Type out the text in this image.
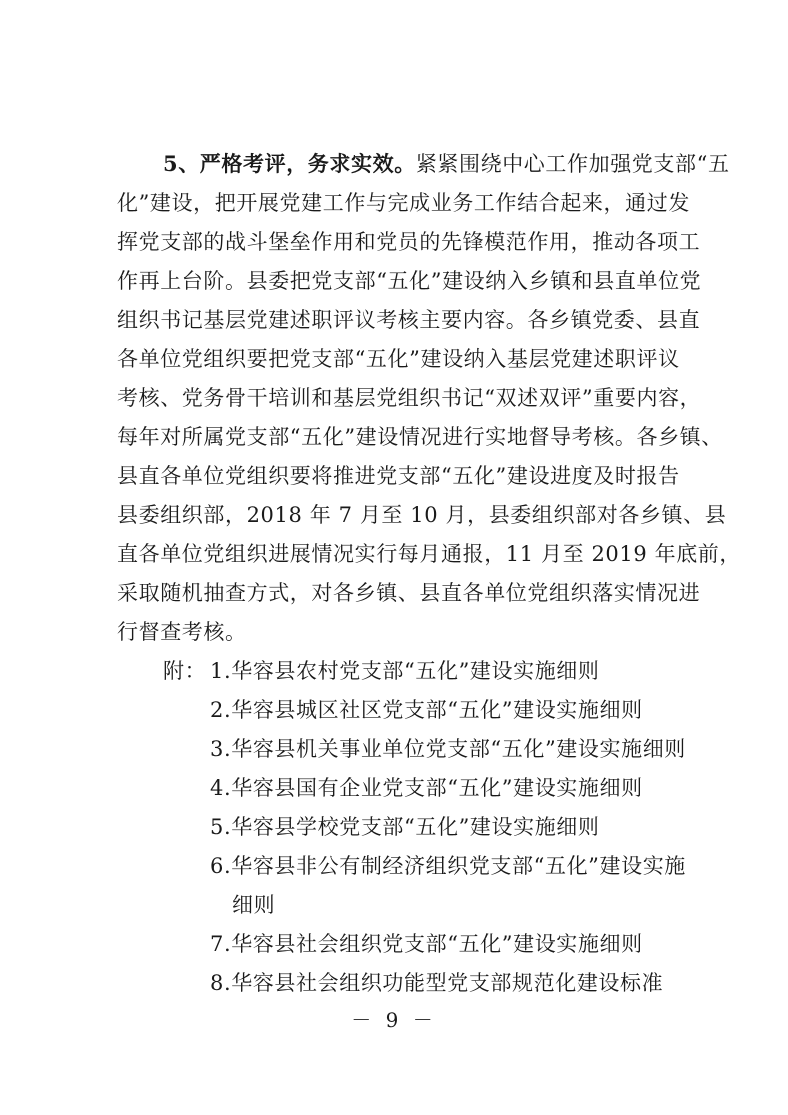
5、严格考评，务求实效。紧紧围绕中心工作加强党支部“五
化”建设，把开展党建工作与完成业务工作结合起来，通过发
挥党支部的战斗堡垒作用和党员的先锋模范作用，推动各项工
作再上台阶。县委把党支部“五化”建设纳入乡镇和县直单位党
组织书记基层党建述职评议考核主要内容。各乡镇党委、县直
各单位党组织要把党支部“五化”建设纳入基层党建述职评议
考核、党务骨干培训和基层党组织书记“双述双评”重要内容，
每年对所属党支部“五化”建设情况进行实地督导考核。各乡镇、
县直各单位党组织要将推进党支部“五化”建设进度及时报告
县委组织部，2018 年 7 月至 10 月，县委组织部对各乡镇、县
直各单位党组织进展情况实行每月通报，11 月至 2019 年底前，
采取随机抽查方式，对各乡镇、县直各单位党组织落实情况进
行督查考核。
附： 1.华容县农村党支部“五化”建设实施细则
2.华容县城区社区党支部“五化”建设实施细则
3.华容县机关事业单位党支部“五化”建设实施细则
4.华容县国有企业党支部“五化”建设实施细则
5.华容县学校党支部“五化”建设实施细则
6.华容县非公有制经济组织党支部“五化”建设实施
细则
7.华容县社会组织党支部“五化”建设实施细则
8.华容县社会组织功能型党支部规范化建设标准
－ 9 －
